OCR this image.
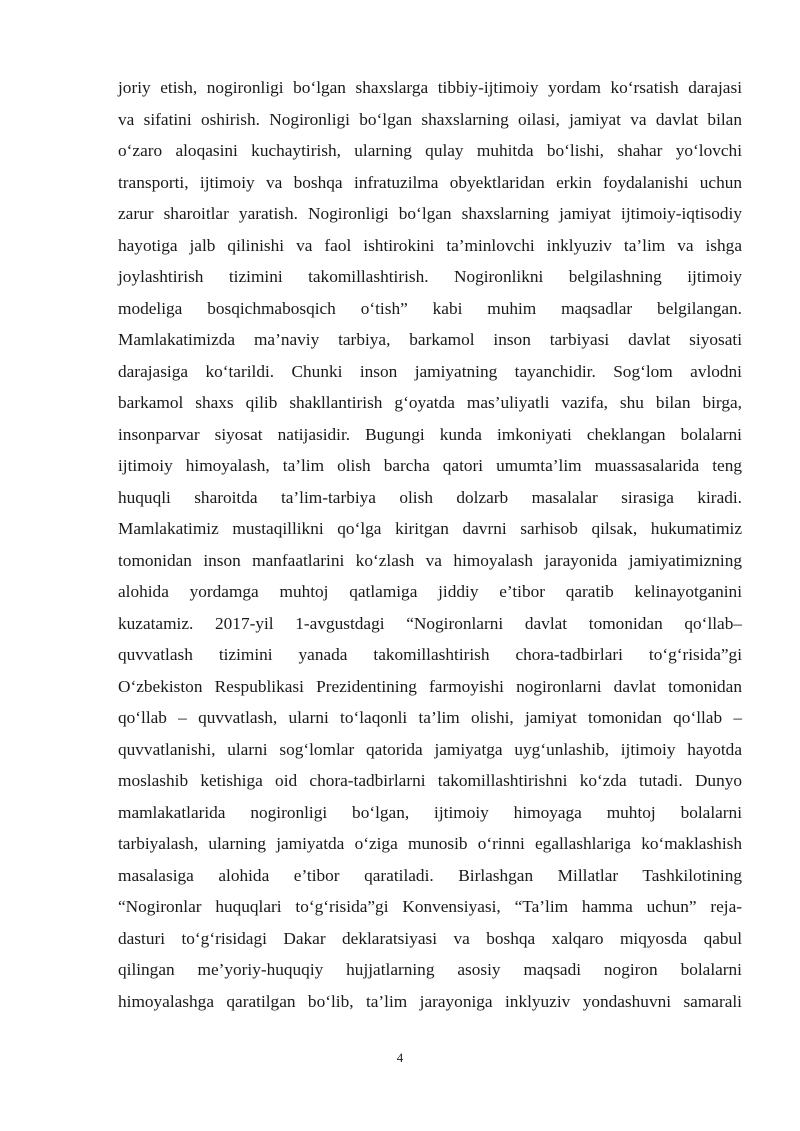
joriy etish, nogironligi bo‘lgan shaxslarga tibbiy-ijtimoiy yordam ko‘rsatish darajasi
va sifatini oshirish. Nogironligi bo‘lgan shaxslarning oilasi, jamiyat va davlat bilan
o‘zaro aloqasini kuchaytirish, ularning qulay muhitda bo‘lishi, shahar yo‘lovchi
transporti, ijtimoiy va boshqa infratuzilma obyektlaridan erkin foydalanishi uchun
zarur sharoitlar yaratish. Nogironligi bo‘lgan shaxslarning jamiyat ijtimoiy-iqtisodiy
hayotiga jalb qilinishi va faol ishtirokini ta’minlovchi inklyuziv ta’lim va ishga
joylashtirish tizimini takomillashtirish. Nogironlikni belgilashning ijtimoiy
modeliga bosqichmabosqich o‘tish” kabi muhim maqsadlar belgilangan.
Mamlakatimizda ma’naviy tarbiya, barkamol inson tarbiyasi davlat siyosati
darajasiga ko‘tarildi. Chunki inson jamiyatning tayanchidir. Sog‘lom avlodni
barkamol shaxs qilib shakllantirish g‘oyatda mas’uliyatli vazifa, shu bilan birga,
insonparvar siyosat natijasidir. Bugungi kunda imkoniyati cheklangan bolalarni
ijtimoiy himoyalash, ta’lim olish barcha qatori umumta’lim muassasalarida teng
huquqli sharoitda ta’lim-tarbiya olish dolzarb masalalar sirasiga kiradi.
Mamlakatimiz mustaqillikni qo‘lga kiritgan davrni sarhisob qilsak, hukumatimiz
tomonidan inson manfaatlarini ko‘zlash va himoyalash jarayonida jamiyatimizning
alohida yordamga muhtoj qatlamiga jiddiy e’tibor qaratib kelinayotganini
kuzatamiz. 2017-yil 1-avgustdagi “Nogironlarni davlat tomonidan qo‘llab–
quvvatlash tizimini yanada takomillashtirish chora-tadbirlari to‘g‘risida”gi
O‘zbekiston Respublikasi Prezidentining farmoyishi nogironlarni davlat tomonidan
qo‘llab – quvvatlash, ularni to‘laqonli ta’lim olishi, jamiyat tomonidan qo‘llab –
quvvatlanishi, ularni sog‘lomlar qatorida jamiyatga uyg‘unlashib, ijtimoiy hayotda
moslashib ketishiga oid chora-tadbirlarni takomillashtirishni ko‘zda tutadi. Dunyo
mamlakatlarida nogironligi bo‘lgan, ijtimoiy himoyaga muhtoj bolalarni
tarbiyalash, ularning jamiyatda o‘ziga munosib o‘rinni egallashlariga ko‘maklashish
masalasiga alohida e’tibor qaratiladi. Birlashgan Millatlar Tashkilotining
“Nogironlar huquqlari to‘g‘risida”gi Konvensiyasi, “Ta’lim hamma uchun” reja-
dasturi to‘g‘risidagi Dakar deklaratsiyasi va boshqa xalqaro miqyosda qabul
qilingan me’yoriy-huquqiy hujjatlarning asosiy maqsadi nogiron bolalarni
himoyalashga qaratilgan bo‘lib, ta’lim jarayoniga inklyuziv yondashuvni samarali
4
